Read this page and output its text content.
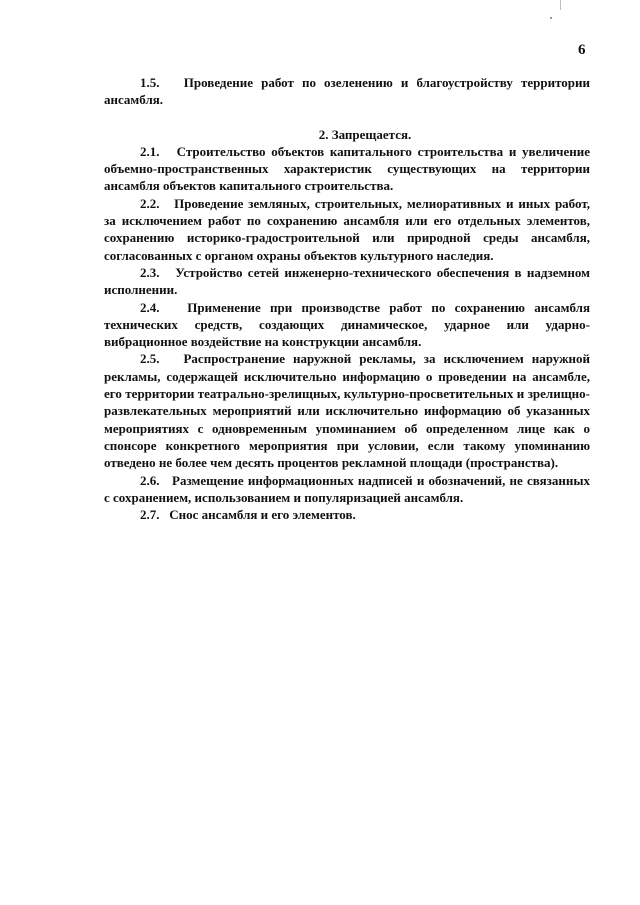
6

1.5.   Проведение работ по озеленению и благоустройству территории ансамбля.

2. Запрещается.

2.1.   Строительство объектов капитального строительства и увеличение объемно-пространственных характеристик существующих на территории ансамбля объектов капитального строительства.

2.2.   Проведение земляных, строительных, мелиоративных и иных работ, за исключением работ по сохранению ансамбля или его отдельных элементов, сохранению историко-градостроительной или природной среды ансамбля, согласованных с органом охраны объектов культурного наследия.

2.3.   Устройство сетей инженерно-технического обеспечения в надземном исполнении.

2.4.   Применение при производстве работ по сохранению ансамбля технических средств, создающих динамическое, ударное или ударно-вибрационное воздействие на конструкции ансамбля.

2.5.   Распространение наружной рекламы, за исключением наружной рекламы, содержащей исключительно информацию о проведении на ансамбле, его территории театрально-зрелищных, культурно-просветительных и зрелищно-развлекательных мероприятий или исключительно информацию об указанных мероприятиях с одновременным упоминанием об определенном лице как о спонсоре конкретного мероприятия при условии, если такому упоминанию отведено не более чем десять процентов рекламной площади (пространства).

2.6.   Размещение информационных надписей и обозначений, не связанных с сохранением, использованием и популяризацией ансамбля.

2.7.   Снос ансамбля и его элементов.
